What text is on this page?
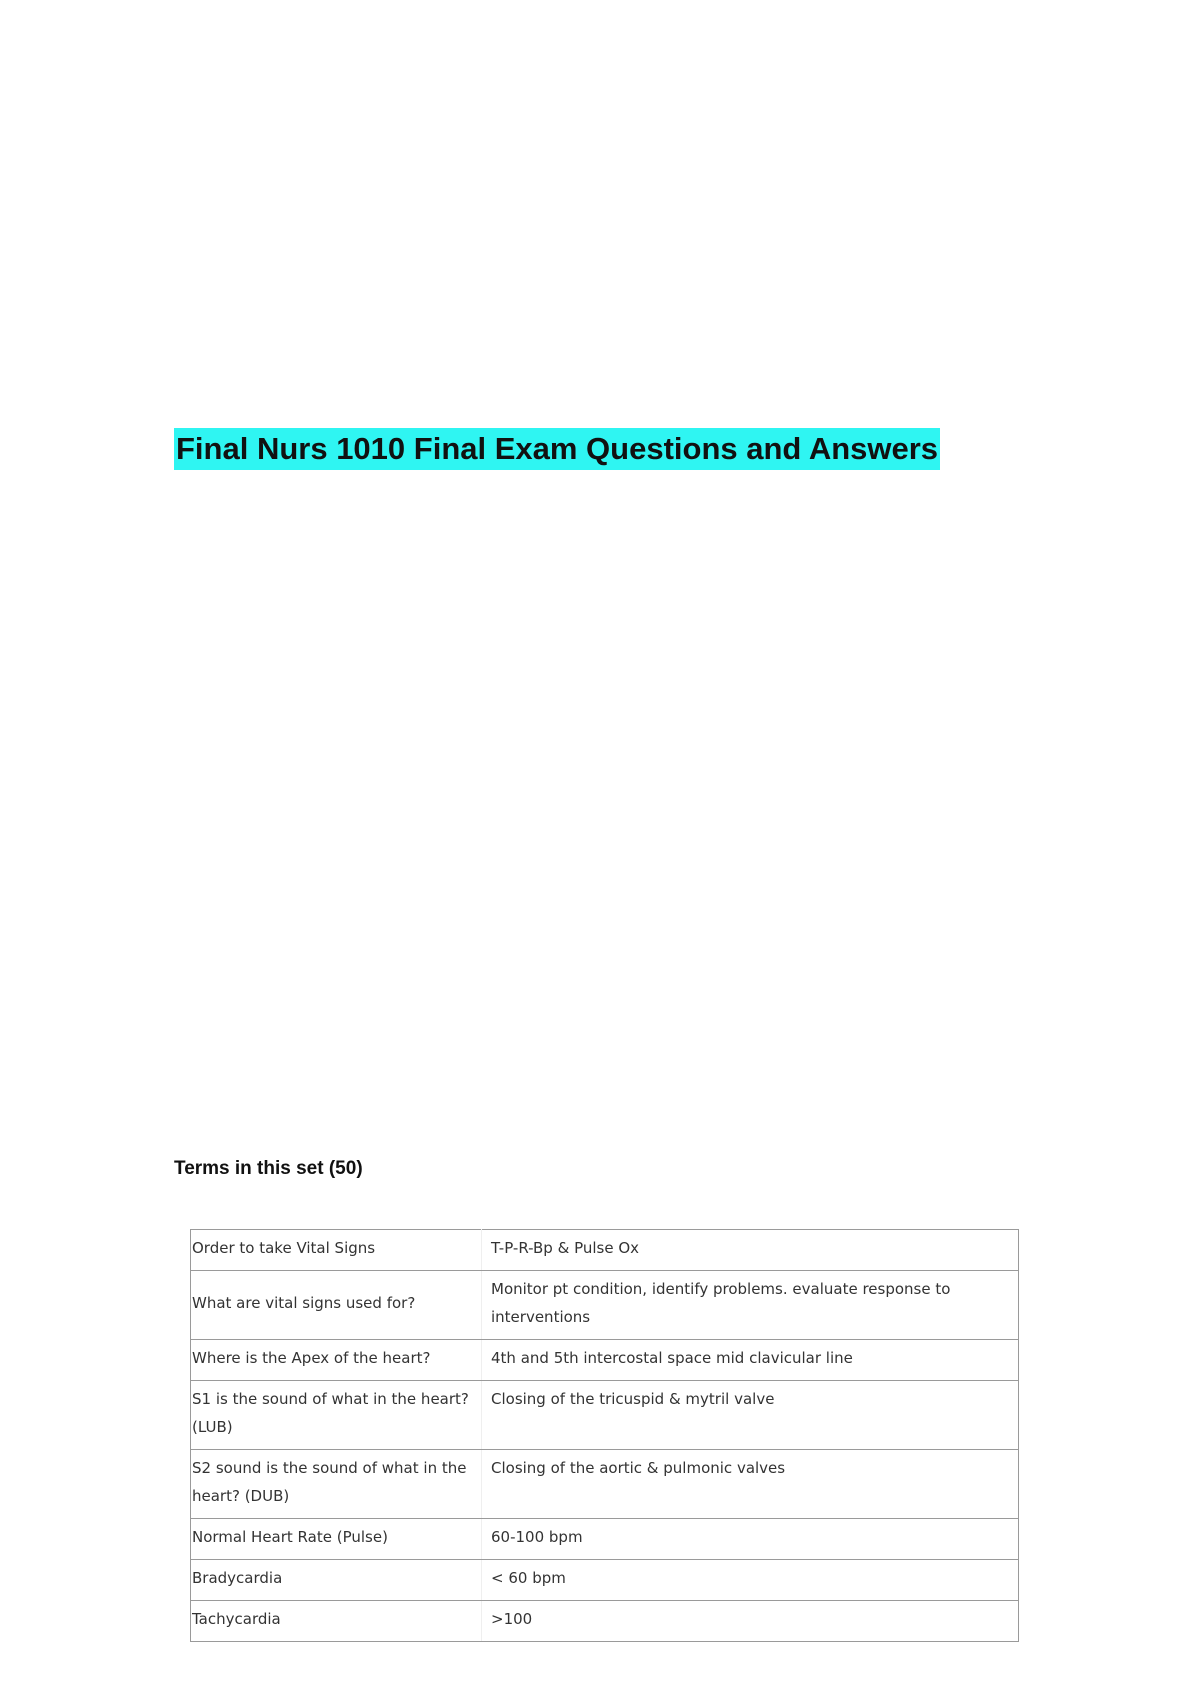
Final Nurs 1010 Final Exam Questions and Answers
Terms in this set (50)
Order to take Vital Signs	T-P-R-Bp & Pulse Ox
What are vital signs used for?	Monitor pt condition, identify problems. evaluate response to interventions
Where is the Apex of the heart?	4th and 5th intercostal space mid clavicular line
S1 is the sound of what in the heart? (LUB)	Closing of the tricuspid & mytril valve
S2 sound is the sound of what in the heart? (DUB)	Closing of the aortic & pulmonic valves
Normal Heart Rate (Pulse)	60-100 bpm
Bradycardia	< 60 bpm
Tachycardia	>100
